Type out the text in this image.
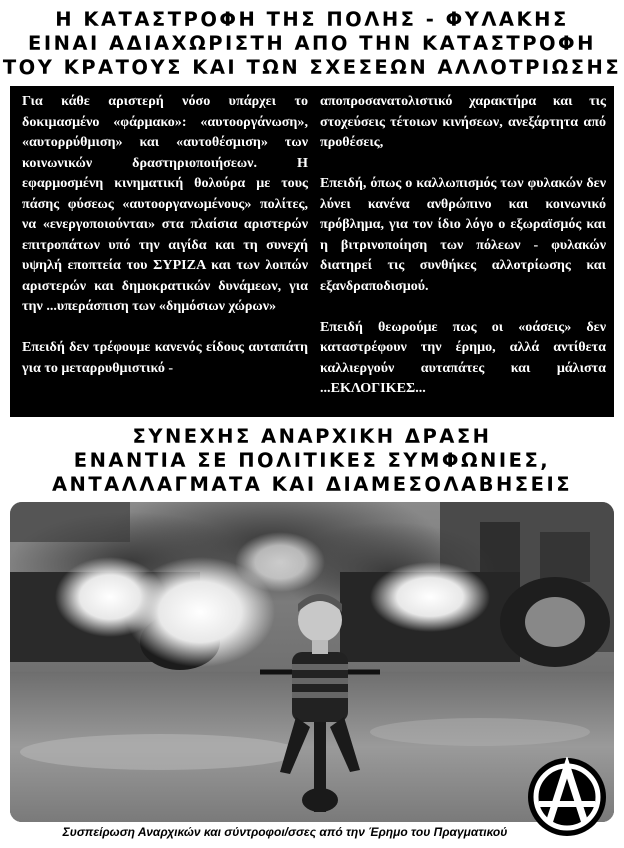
Η ΚΑΤΑΣΤΡΟΦΗ ΤΗΣ ΠΟΛΗΣ - ΦΥΛΑΚΗΣ
ΕΙΝΑΙ ΑΔΙΑΧΩΡΙΣΤΗ ΑΠΟ ΤΗΝ ΚΑΤΑΣΤΡΟΦΗ
ΤΟΥ ΚΡΑΤΟΥΣ ΚΑΙ ΤΩΝ ΣΧΕΣΕΩΝ ΑΛΛΟΤΡΙΩΣΗΣ

Για κάθε αριστερή νόσο υπάρχει το δοκιμασμένο «φάρμακο»: «αυτοοργάνωση», «αυτορρύθμιση» και «αυτοθέσμιση» των κοινωνικών δραστηριοποιήσεων. Η εφαρμοσμένη κινηματική θολούρα με τους πάσης φύσεως «αυτοοργανωμένους» πολίτες, να «ενεργοποιούνται» στα πλαίσια αριστερών επιτροπάτων υπό την αιγίδα και τη συνεχή υψηλή εποπτεία του ΣΥΡΙΖΑ και των λοιπών αριστερών και δημοκρατικών δυνάμεων, για την ...υπεράσπιση των «δημόσιων χώρων»

Επειδή δεν τρέφουμε κανενός είδους αυταπάτη για το μεταρρυθμιστικό -

αποπροσανατολιστικό χαρακτήρα και τις στοχεύσεις τέτοιων κινήσεων, ανεξάρτητα από προθέσεις,

Επειδή, όπως ο καλλωπισμός των φυλακών δεν λύνει κανένα ανθρώπινο και κοινωνικό πρόβλημα, για τον ίδιο λόγο ο εξωραϊσμός και η βιτρινοποίηση των πόλεων - φυλακών διατηρεί τις συνθήκες αλλοτρίωσης και εξανδραποδισμού.

Επειδή θεωρούμε πως οι «οάσεις» δεν καταστρέφουν την έρημο, αλλά αντίθετα καλλιεργούν αυταπάτες και μάλιστα ...ΕΚΛΟΓΙΚΕΣ...

ΣΥΝΕΧΗΣ ΑΝΑΡΧΙΚΗ ΔΡΑΣΗ
ΕΝΑΝΤΙΑ ΣΕ ΠΟΛΙΤΙΚΕΣ ΣΥΜΦΩΝΙΕΣ,
ΑΝΤΑΛΛΑΓΜΑΤΑ ΚΑΙ ΔΙΑΜΕΣΟΛΑΒΗΣΕΙΣ
Συσπείρωση Αναρχικών και σύντροφοι/σσες από την Έρημο του Πραγματικού
